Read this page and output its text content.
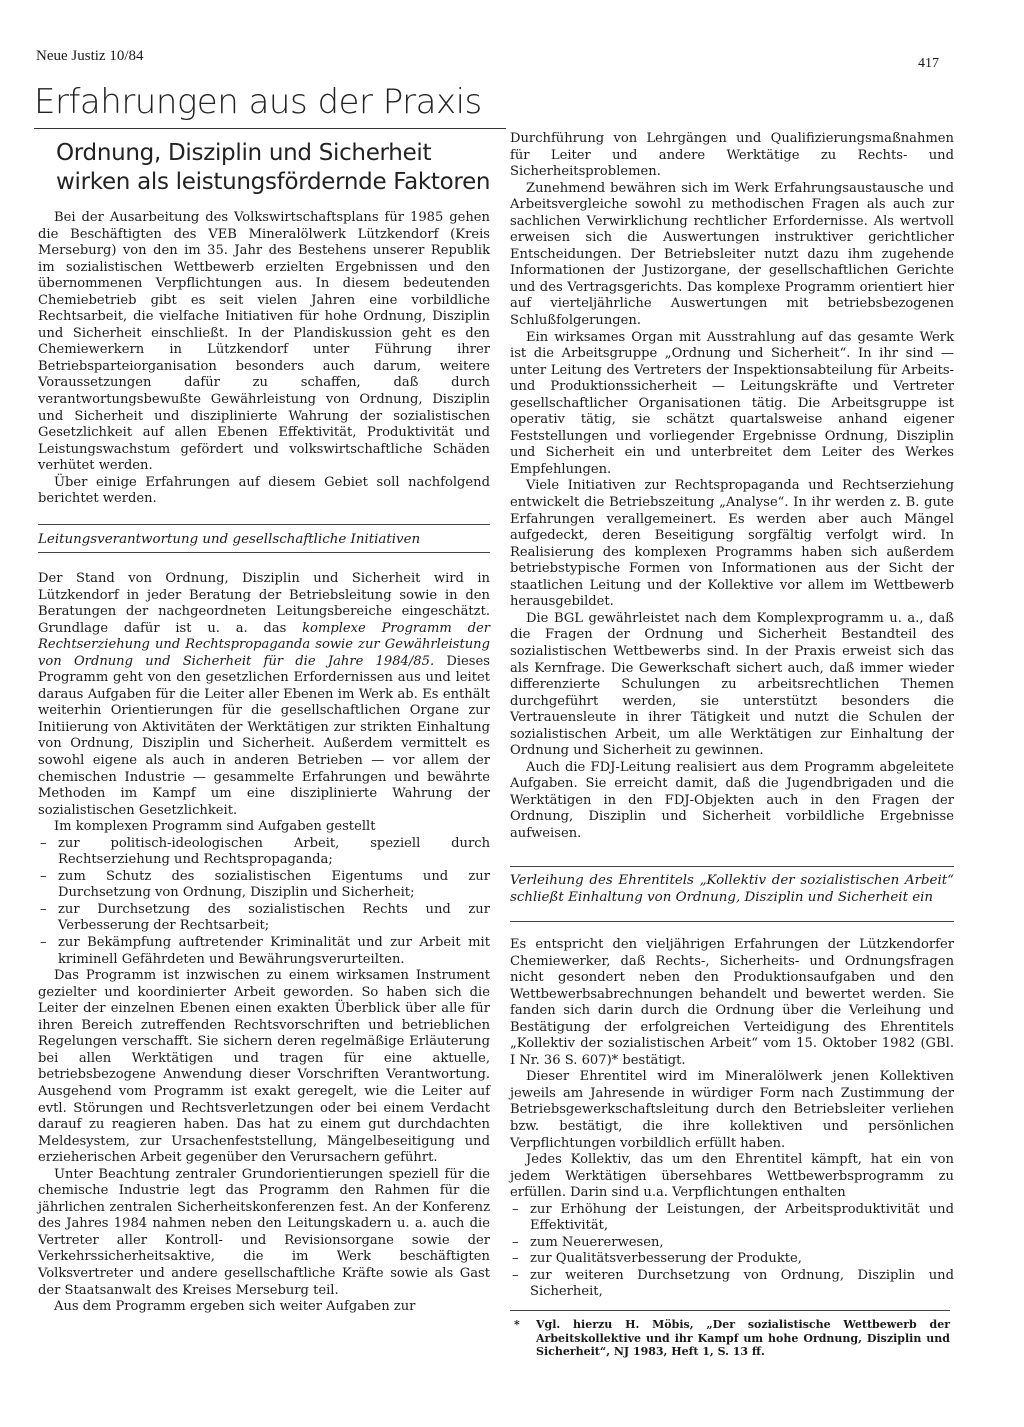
Neue Justiz 10/84	417
Erfahrungen aus der Praxis
Ordnung, Disziplin und Sicherheit
wirken als leistungsfördernde Faktoren

Bei der Ausarbeitung des Volkswirtschaftsplans für 1985 gehen die Beschäftigten des VEB Mineralölwerk Lützkendorf (Kreis Merseburg) von den im 35. Jahr des Bestehens unserer Republik im sozialistischen Wettbewerb erzielten Ergebnissen und den übernommenen Verpflichtungen aus. In diesem bedeutenden Chemiebetrieb gibt es seit vielen Jahren eine vorbildliche Rechtsarbeit, die vielfache Initiativen für hohe Ordnung, Disziplin und Sicherheit einschließt. In der Plandiskussion geht es den Chemiewerkern in Lützkendorf unter Führung ihrer Betriebsparteiorganisation besonders auch darum, weitere Voraussetzungen dafür zu schaffen, daß durch verantwortungsbewußte Gewährleistung von Ordnung, Disziplin und Sicherheit und disziplinierte Wahrung der sozialistischen Gesetzlichkeit auf allen Ebenen Effektivität, Produktivität und Leistungswachstum gefördert und volkswirtschaftliche Schäden verhütet werden.

Über einige Erfahrungen auf diesem Gebiet soll nachfolgend berichtet werden.

Leitungsverantwortung und gesellschaftliche Initiativen

Der Stand von Ordnung, Disziplin und Sicherheit wird in Lützkendorf in jeder Beratung der Betriebsleitung sowie in den Beratungen der nachgeordneten Leitungsbereiche eingeschätzt. Grundlage dafür ist u. a. das komplexe Programm der Rechtserziehung und Rechtspropaganda sowie zur Gewährleistung von Ordnung und Sicherheit für die Jahre 1984/85. Dieses Programm geht von den gesetzlichen Erfordernissen aus und leitet daraus Aufgaben für die Leiter aller Ebenen im Werk ab. Es enthält weiterhin Orientierungen für die gesellschaftlichen Organe zur Initiierung von Aktivitäten der Werktätigen zur strikten Einhaltung von Ordnung, Disziplin und Sicherheit. Außerdem vermittelt es sowohl eigene als auch in anderen Betrieben — vor allem der chemischen Industrie — gesammelte Erfahrungen und bewährte Methoden im Kampf um eine disziplinierte Wahrung der sozialistischen Gesetzlichkeit.

Im komplexen Programm sind Aufgaben gestellt

– zur politisch-ideologischen Arbeit, speziell durch Rechtserziehung und Rechtspropaganda;
– zum Schutz des sozialistischen Eigentums und zur Durchsetzung von Ordnung, Disziplin und Sicherheit;
– zur Durchsetzung des sozialistischen Rechts und zur Verbesserung der Rechtsarbeit;
– zur Bekämpfung auftretender Kriminalität und zur Arbeit mit kriminell Gefährdeten und Bewährungsverurteilten.

Das Programm ist inzwischen zu einem wirksamen Instrument gezielter und koordinierter Arbeit geworden. So haben sich die Leiter der einzelnen Ebenen einen exakten Überblick über alle für ihren Bereich zutreffenden Rechtsvorschriften und betrieblichen Regelungen verschafft. Sie sichern deren regelmäßige Erläuterung bei allen Werktätigen und tragen für eine aktuelle, betriebsbezogene Anwendung dieser Vorschriften Verantwortung. Ausgehend vom Programm ist exakt geregelt, wie die Leiter auf evtl. Störungen und Rechtsverletzungen oder bei einem Verdacht darauf zu reagieren haben. Das hat zu einem gut durchdachten Meldesystem, zur Ursachenfeststellung, Mängelbeseitigung und erzieherischen Arbeit gegenüber den Verursachern geführt.

Unter Beachtung zentraler Grundorientierungen speziell für die chemische Industrie legt das Programm den Rahmen für die jährlichen zentralen Sicherheitskonferenzen fest. An der Konferenz des Jahres 1984 nahmen neben den Leitungskadern u. a. auch die Vertreter aller Kontroll- und Revisionsorgane sowie der Verkehrssicherheitsaktive, die im Werk beschäftigten Volksvertreter und andere gesellschaftliche Kräfte sowie als Gast der Staatsanwalt des Kreises Merseburg teil.

Aus dem Programm ergeben sich weiter Aufgaben zur

Durchführung von Lehrgängen und Qualifizierungsmaßnahmen für Leiter und andere Werktätige zu Rechts- und Sicherheitsproblemen.

Zunehmend bewähren sich im Werk Erfahrungsaustausche und Arbeitsvergleiche sowohl zu methodischen Fragen als auch zur sachlichen Verwirklichung rechtlicher Erfordernisse. Als wertvoll erweisen sich die Auswertungen instruktiver gerichtlicher Entscheidungen. Der Betriebsleiter nutzt dazu ihm zugehende Informationen der Justizorgane, der gesellschaftlichen Gerichte und des Vertragsgerichts. Das komplexe Programm orientiert hier auf vierteljährliche Auswertungen mit betriebsbezogenen Schlußfolgerungen.

Ein wirksames Organ mit Ausstrahlung auf das gesamte Werk ist die Arbeitsgruppe „Ordnung und Sicherheit“. In ihr sind — unter Leitung des Vertreters der Inspektionsabteilung für Arbeits- und Produktionssicherheit — Leitungskräfte und Vertreter gesellschaftlicher Organisationen tätig. Die Arbeitsgruppe ist operativ tätig, sie schätzt quartalsweise anhand eigener Feststellungen und vorliegender Ergebnisse Ordnung, Disziplin und Sicherheit ein und unterbreitet dem Leiter des Werkes Empfehlungen.

Viele Initiativen zur Rechtspropaganda und Rechtserziehung entwickelt die Betriebszeitung „Analyse“. In ihr werden z. B. gute Erfahrungen verallgemeinert. Es werden aber auch Mängel aufgedeckt, deren Beseitigung sorgfältig verfolgt wird. In Realisierung des komplexen Programms haben sich außerdem betriebstypische Formen von Informationen aus der Sicht der staatlichen Leitung und der Kollektive vor allem im Wettbewerb herausgebildet.

Die BGL gewährleistet nach dem Komplexprogramm u. a., daß die Fragen der Ordnung und Sicherheit Bestandteil des sozialistischen Wettbewerbs sind. In der Praxis erweist sich das als Kernfrage. Die Gewerkschaft sichert auch, daß immer wieder differenzierte Schulungen zu arbeitsrechtlichen Themen durchgeführt werden, sie unterstützt besonders die Vertrauensleute in ihrer Tätigkeit und nutzt die Schulen der sozialistischen Arbeit, um alle Werktätigen zur Einhaltung der Ordnung und Sicherheit zu gewinnen.

Auch die FDJ-Leitung realisiert aus dem Programm abgeleitete Aufgaben. Sie erreicht damit, daß die Jugendbrigaden und die Werktätigen in den FDJ-Objekten auch in den Fragen der Ordnung, Disziplin und Sicherheit vorbildliche Ergebnisse aufweisen.

Verleihung des Ehrentitels „Kollektiv der sozialistischen Arbeit“ schließt Einhaltung von Ordnung, Disziplin und Sicherheit ein

Es entspricht den vieljährigen Erfahrungen der Lützkendorfer Chemiewerker, daß Rechts-, Sicherheits- und Ordnungsfragen nicht gesondert neben den Produktionsaufgaben und den Wettbewerbsabrechnungen behandelt und bewertet werden. Sie fanden sich darin durch die Ordnung über die Verleihung und Bestätigung der erfolgreichen Verteidigung des Ehrentitels „Kollektiv der sozialistischen Arbeit“ vom 15. Oktober 1982 (GBl. I Nr. 36 S. 607)* bestätigt.

Dieser Ehrentitel wird im Mineralölwerk jenen Kollektiven jeweils am Jahresende in würdiger Form nach Zustimmung der Betriebsgewerkschaftsleitung durch den Betriebsleiter verliehen bzw. bestätigt, die ihre kollektiven und persönlichen Verpflichtungen vorbildlich erfüllt haben.

Jedes Kollektiv, das um den Ehrentitel kämpft, hat ein von jedem Werktätigen übersehbares Wettbewerbsprogramm zu erfüllen. Darin sind u.a. Verpflichtungen enthalten

– zur Erhöhung der Leistungen, der Arbeitsproduktivität und Effektivität,
– zum Neuererwesen,
– zur Qualitätsverbesserung der Produkte,
– zur weiteren Durchsetzung von Ordnung, Disziplin und Sicherheit,
*	Vgl. hierzu H. Möbis, „Der sozialistische Wettbewerb der Arbeitskollektive und ihr Kampf um hohe Ordnung, Disziplin und Sicherheit“, NJ 1983, Heft 1, S. 13 ff.
